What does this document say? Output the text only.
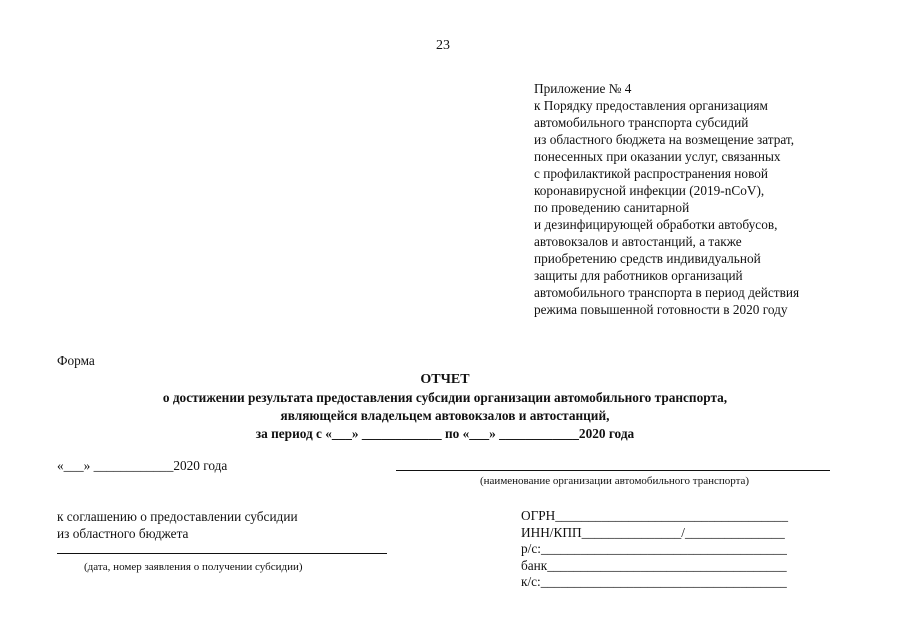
23
Приложение № 4
к Порядку предоставления организациям
автомобильного транспорта субсидий
из областного бюджета на возмещение затрат,
понесенных при оказании услуг, связанных
с профилактикой распространения новой
коронавирусной инфекции (2019-nCoV),
по проведению санитарной
и дезинфицирующей обработки автобусов,
автовокзалов и автостанций, а также
приобретению средств индивидуальной
защиты для работников организаций
автомобильного транспорта в период действия
режима повышенной готовности в 2020 году
Форма
ОТЧЕТ
о достижении результата предоставления субсидии организации автомобильного транспорта,
являющейся владельцем автовокзалов и автостанций,
за период с «___» ____________ по «___» ____________2020 года
«___» ____________2020 года
(наименование организации автомобильного транспорта)
к соглашению о предоставлении субсидии
из областного бюджета
(дата, номер заявления о получении субсидии)
ОГРН___________________________________
ИНН/КПП_______________/_______________
р/с:_____________________________________
банк____________________________________
к/с:_____________________________________
